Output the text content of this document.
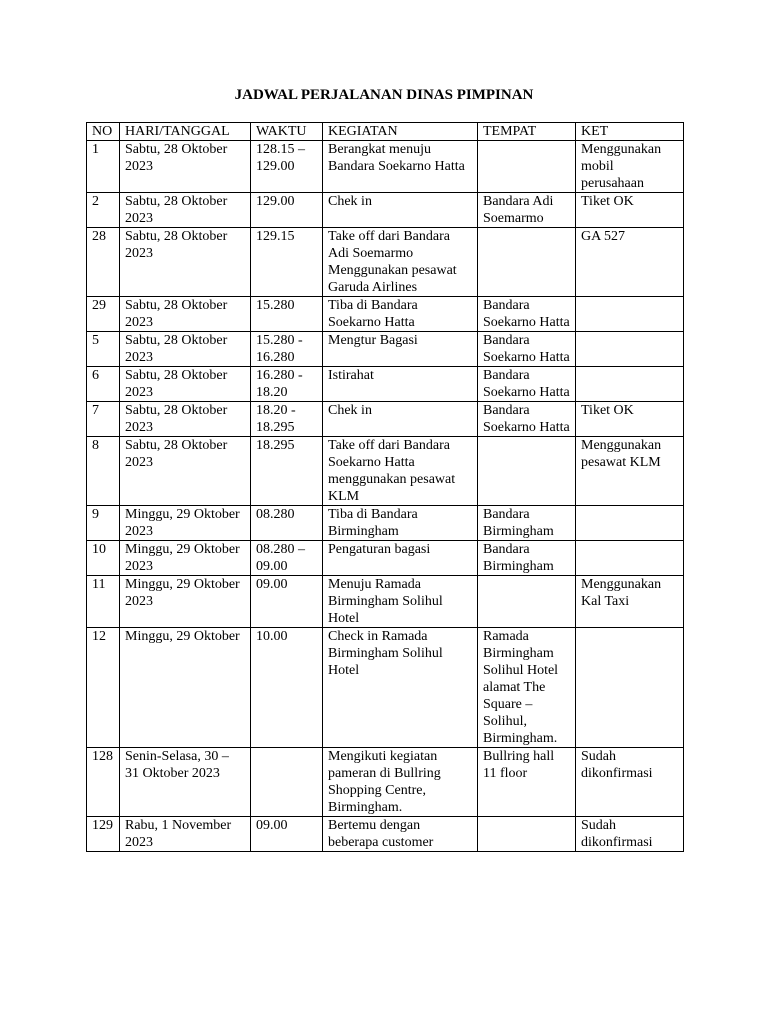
JADWAL PERJALANAN DINAS PIMPINAN
NO	HARI/TANGGAL	WAKTU	KEGIATAN	TEMPAT	KET
1	Sabtu, 28 Oktober 2023	128.15 – 129.00	Berangkat menuju Bandara Soekarno Hatta		Menggunakan mobil perusahaan
2	Sabtu, 28 Oktober 2023	129.00	Chek in	Bandara Adi Soemarmo	Tiket OK
28	Sabtu, 28 Oktober 2023	129.15	Take off dari Bandara Adi Soemarmo Menggunakan pesawat Garuda Airlines		GA 527
29	Sabtu, 28 Oktober 2023	15.280	Tiba di Bandara Soekarno Hatta	Bandara Soekarno Hatta	
5	Sabtu, 28 Oktober 2023	15.280 - 16.280	Mengtur Bagasi	Bandara Soekarno Hatta	
6	Sabtu, 28 Oktober 2023	16.280 - 18.20	Istirahat	Bandara Soekarno Hatta	
7	Sabtu, 28 Oktober 2023	18.20 - 18.295	Chek in	Bandara Soekarno Hatta	Tiket OK
8	Sabtu, 28 Oktober 2023	18.295	Take off dari Bandara Soekarno Hatta menggunakan pesawat KLM		Menggunakan pesawat KLM
9	Minggu, 29 Oktober 2023	08.280	Tiba di Bandara Birmingham	Bandara Birmingham	
10	Minggu, 29 Oktober 2023	08.280 – 09.00	Pengaturan bagasi	Bandara Birmingham	
11	Minggu, 29 Oktober 2023	09.00	Menuju Ramada Birmingham Solihul Hotel		Menggunakan Kal Taxi
12	Minggu, 29 Oktober	10.00	Check in Ramada Birmingham Solihul Hotel	Ramada Birmingham Solihul Hotel alamat The Square – Solihul, Birmingham.	
128	Senin-Selasa, 30 – 31 Oktober 2023		Mengikuti kegiatan pameran di Bullring Shopping Centre, Birmingham.	Bullring hall 11 floor	Sudah dikonfirmasi
129	Rabu, 1 November 2023	09.00	Bertemu dengan beberapa customer		Sudah dikonfirmasi
